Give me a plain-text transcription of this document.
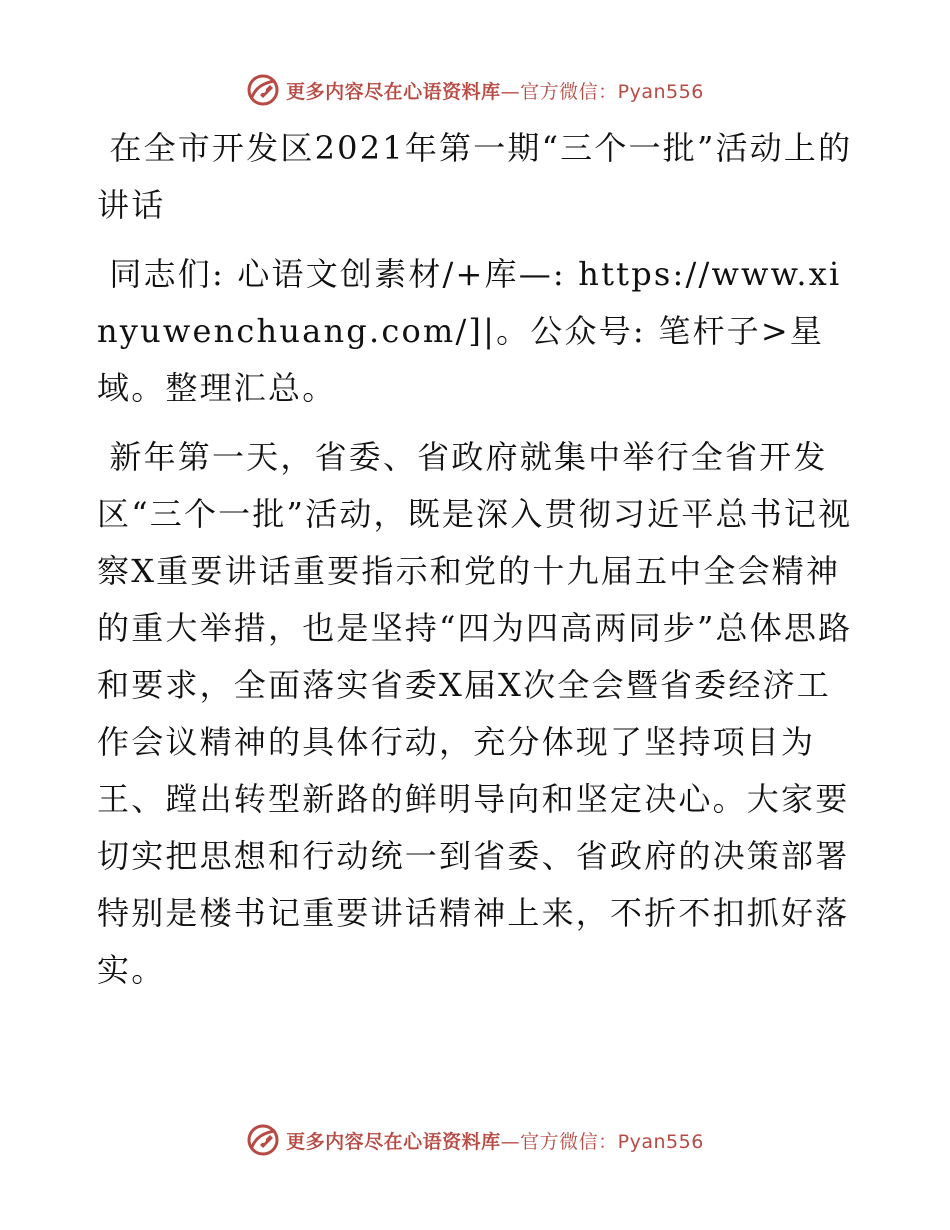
更多内容尽在心语资料库—官方微信：Pyan556

在全市开发区2021年第一期“三个一批”活动上的讲话

同志们: 心语文创素材/+库—: https://www.xinyuwenchuang.com/]|。公众号: 笔杆子>星域。整理汇总。

新年第一天，省委、省政府就集中举行全省开发区“三个一批”活动，既是深入贯彻习近平总书记视察X重要讲话重要指示和党的十九届五中全会精神的重大举措，也是坚持“四为四高两同步”总体思路和要求，全面落实省委X届X次全会暨省委经济工作会议精神的具体行动，充分体现了坚持项目为王、蹚出转型新路的鲜明导向和坚定决心。大家要切实把思想和行动统一到省委、省政府的决策部署特别是楼书记重要讲话精神上来，不折不扣抓好落实。

更多内容尽在心语资料库—官方微信：Pyan556
